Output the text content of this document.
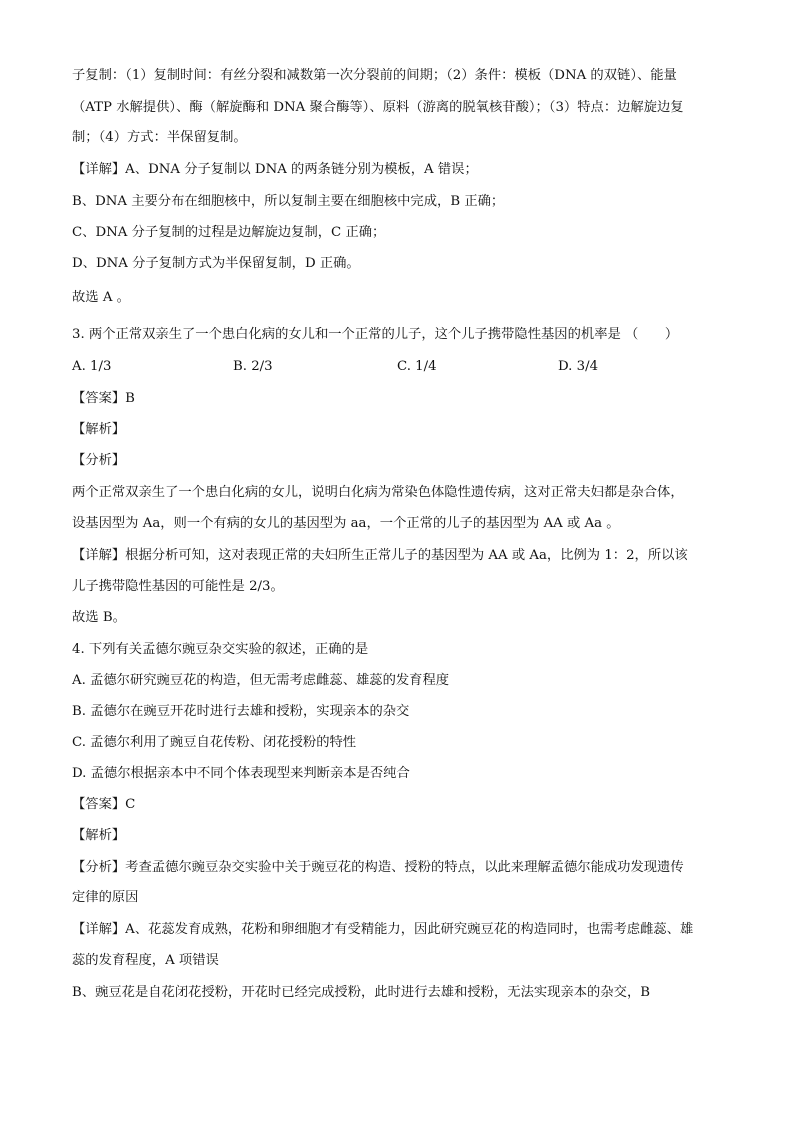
子复制：（1）复制时间：有丝分裂和减数第一次分裂前的间期；（2）条件：模板（DNA 的双链）、能量
（ATP 水解提供）、酶（解旋酶和 DNA 聚合酶等）、原料（游离的脱氧核苷酸）；（3）特点：边解旋边复
制；（4）方式：半保留复制。
【详解】A、DNA 分子复制以 DNA 的两条链分别为模板，A 错误；
B、DNA 主要分布在细胞核中，所以复制主要在细胞核中完成，B 正确；
C、DNA 分子复制的过程是边解旋边复制，C 正确；
D、DNA 分子复制方式为半保留复制，D 正确。
故选 A 。
3. 两个正常双亲生了一个患白化病的女儿和一个正常的儿子，这个儿子携带隐性基因的机率是 （　　）
A. 1/3	B. 2/3	C. 1/4	D. 3/4
【答案】B
【解析】
【分析】
两个正常双亲生了一个患白化病的女儿，说明白化病为常染色体隐性遗传病，这对正常夫妇都是杂合体，
设基因型为 Aa，则一个有病的女儿的基因型为 aa，一个正常的儿子的基因型为 AA 或 Aa 。
【详解】根据分析可知，这对表现正常的夫妇所生正常儿子的基因型为 AA 或 Aa，比例为 1：2，所以该
儿子携带隐性基因的可能性是 2/3。
故选 B。
4. 下列有关孟德尔豌豆杂交实验的叙述，正确的是
A. 孟德尔研究豌豆花的构造，但无需考虑雌蕊、雄蕊的发育程度
B. 孟德尔在豌豆开花时进行去雄和授粉，实现亲本的杂交
C. 孟德尔利用了豌豆自花传粉、闭花授粉的特性
D. 孟德尔根据亲本中不同个体表现型来判断亲本是否纯合
【答案】C
【解析】
【分析】考查孟德尔豌豆杂交实验中关于豌豆花的构造、授粉的特点，以此来理解孟德尔能成功发现遗传
定律的原因
【详解】A、花蕊发育成熟，花粉和卵细胞才有受精能力，因此研究豌豆花的构造同时，也需考虑雌蕊、雄
蕊的发育程度，A 项错误
B、豌豆花是自花闭花授粉，开花时已经完成授粉，此时进行去雄和授粉，无法实现亲本的杂交，B
